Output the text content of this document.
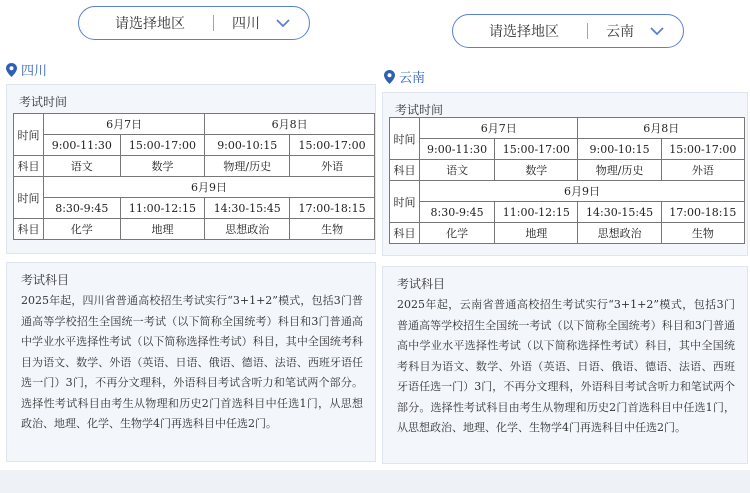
请选择地区	四川	请选择地区	云南
四川	云南
考试时间
时间	6月7日		6月8日	
	9:00-11:30	15:00-17:00	9:00-10:15	15:00-17:00
科目	语文	数学	物理/历史	外语
时间	6月9日			
	8:30-9:45	11:00-12:15	14:30-15:45	17:00-18:15
科目	化学	地理	思想政治	生物
考试时间
时间	6月7日		6月8日	
	9:00-11:30	15:00-17:00	9:00-10:15	15:00-17:00
科目	语文	数学	物理/历史	外语
时间	6月9日			
	8:30-9:45	11:00-12:15	14:30-15:45	17:00-18:15
科目	化学	地理	思想政治	生物
考试科目
2025年起，四川省普通高校招生考试实行“3+1+2”模式，包括3门普通高等学校招生全国统一考试（以下简称全国统考）科目和3门普通高中学业水平选择性考试（以下简称选择性考试）科目，其中全国统考科目为语文、数学、外语（英语、日语、俄语、德语、法语、西班牙语任选一门）3门，不再分文理科，外语科目考试含听力和笔试两个部分。选择性考试科目由考生从物理和历史2门首选科目中任选1门，从思想政治、地理、化学、生物学4门再选科目中任选2门。
考试科目
2025年起，云南省普通高校招生考试实行“3+1+2”模式，包括3门普通高等学校招生全国统一考试（以下简称全国统考）科目和3门普通高中学业水平选择性考试（以下简称选择性考试）科目，其中全国统考科目为语文、数学、外语（英语、日语、俄语、德语、法语、西班牙语任选一门）3门，不再分文理科，外语科目考试含听力和笔试两个部分。选择性考试科目由考生从物理和历史2门首选科目中任选1门，从思想政治、地理、化学、生物学4门再选科目中任选2门。
